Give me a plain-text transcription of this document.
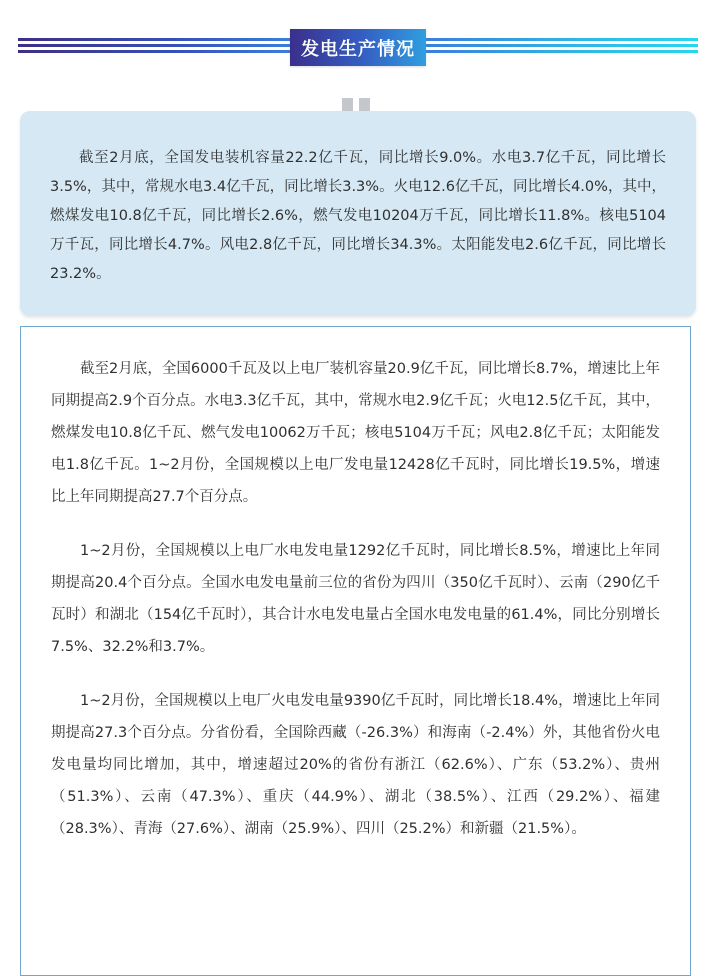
发电生产情况

截至2月底，全国发电装机容量22.2亿千瓦，同比增长9.0%。水电3.7亿千瓦，同比增长3.5%，其中，常规水电3.4亿千瓦，同比增长3.3%。火电12.6亿千瓦，同比增长4.0%，其中，燃煤发电10.8亿千瓦，同比增长2.6%，燃气发电10204万千瓦，同比增长11.8%。核电5104万千瓦，同比增长4.7%。风电2.8亿千瓦，同比增长34.3%。太阳能发电2.6亿千瓦，同比增长23.2%。

截至2月底，全国6000千瓦及以上电厂装机容量20.9亿千瓦，同比增长8.7%，增速比上年同期提高2.9个百分点。水电3.3亿千瓦，其中，常规水电2.9亿千瓦；火电12.5亿千瓦，其中，燃煤发电10.8亿千瓦、燃气发电10062万千瓦；核电5104万千瓦；风电2.8亿千瓦；太阳能发电1.8亿千瓦。1~2月份，全国规模以上电厂发电量12428亿千瓦时，同比增长19.5%，增速比上年同期提高27.7个百分点。

1~2月份，全国规模以上电厂水电发电量1292亿千瓦时，同比增长8.5%，增速比上年同期提高20.4个百分点。全国水电发电量前三位的省份为四川（350亿千瓦时）、云南（290亿千瓦时）和湖北（154亿千瓦时），其合计水电发电量占全国水电发电量的61.4%，同比分别增长7.5%、32.2%和3.7%。

1~2月份，全国规模以上电厂火电发电量9390亿千瓦时，同比增长18.4%，增速比上年同期提高27.3个百分点。分省份看，全国除西藏（-26.3%）和海南（-2.4%）外，其他省份火电发电量均同比增加，其中，增速超过20%的省份有浙江（62.6%）、广东（53.2%）、贵州（51.3%）、云南（47.3%）、重庆（44.9%）、湖北（38.5%）、江西（29.2%）、福建（28.3%）、青海（27.6%）、湖南（25.9%）、四川（25.2%）和新疆（21.5%）。
